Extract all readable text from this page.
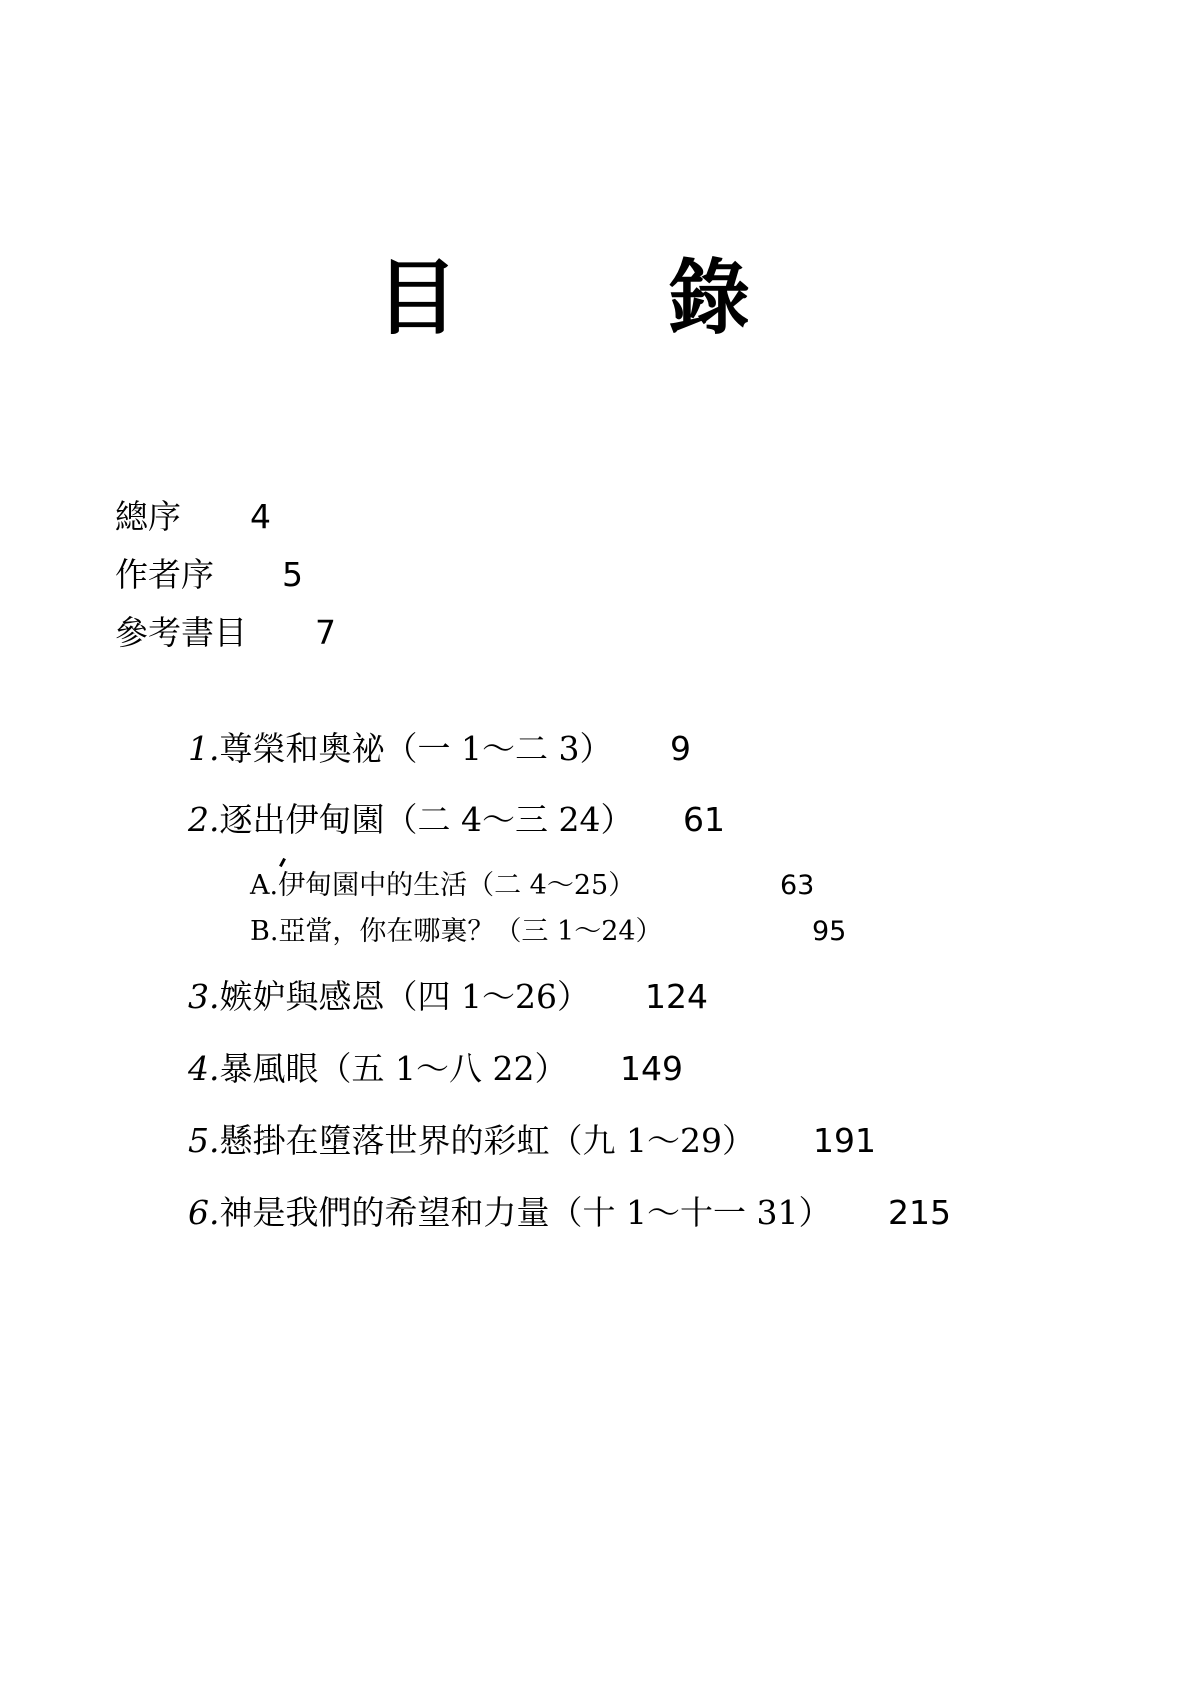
目　錄
總序 4
作者序 5
參考書目 7
1.尊榮和奧祕（一 1～二 3） 9
2.逐出伊甸園（二 4～三 24） 61
A.伊甸園中的生活（二 4～25）	63
B.亞當，你在哪裏？（三 1～24）	95
3.嫉妒與感恩（四 1～26） 124
4.暴風眼（五 1～八 22） 149
5.懸掛在墮落世界的彩虹（九 1～29） 191
6.神是我們的希望和力量（十 1～十一 31） 215
